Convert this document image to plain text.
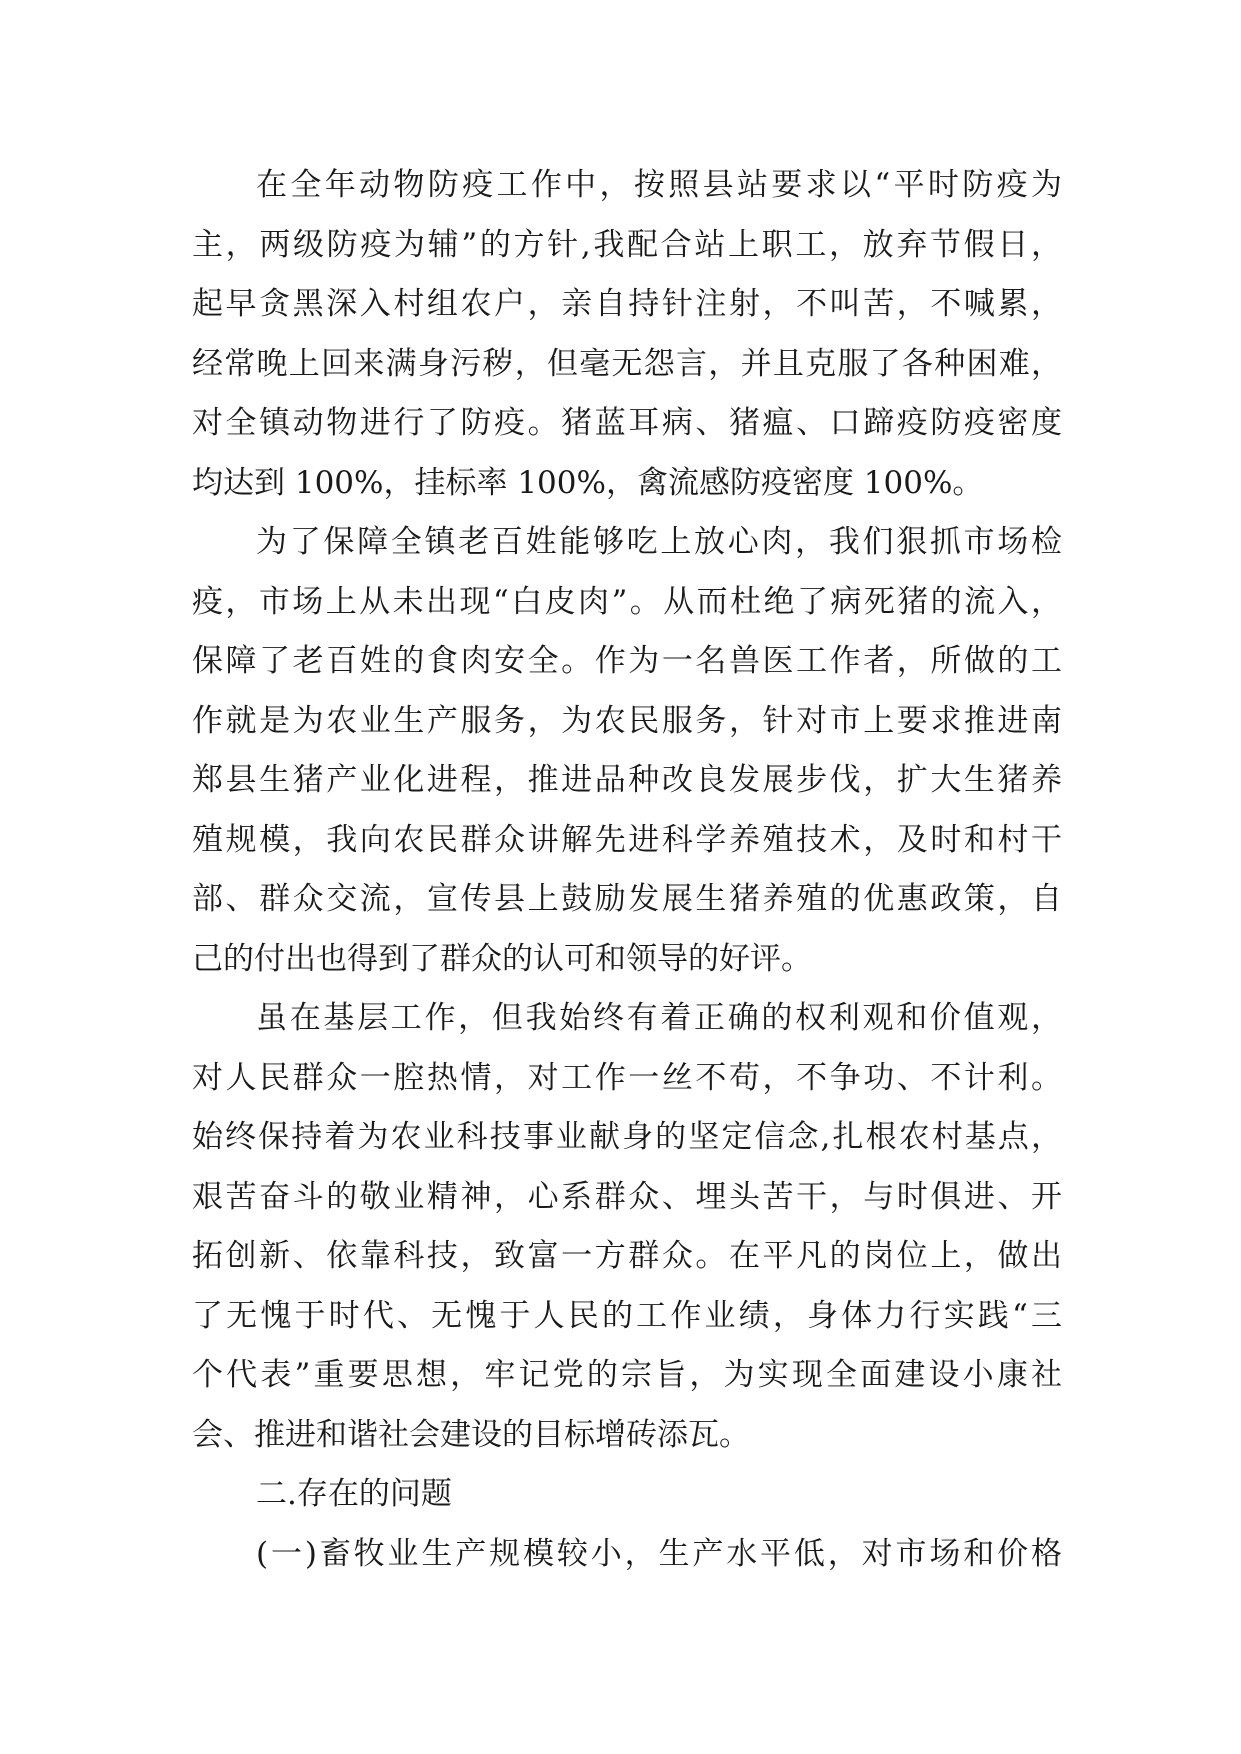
在全年动物防疫工作中，按照县站要求以“平时防疫为
主，两级防疫为辅”的方针,我配合站上职工，放弃节假日，
起早贪黑深入村组农户，亲自持针注射，不叫苦，不喊累，
经常晚上回来满身污秽，但毫无怨言，并且克服了各种困难，
对全镇动物进行了防疫。猪蓝耳病、猪瘟、口蹄疫防疫密度
均达到 100%，挂标率 100%，禽流感防疫密度 100%。
为了保障全镇老百姓能够吃上放心肉，我们狠抓市场检
疫，市场上从未出现“白皮肉”。从而杜绝了病死猪的流入，
保障了老百姓的食肉安全。作为一名兽医工作者，所做的工
作就是为农业生产服务，为农民服务，针对市上要求推进南
郑县生猪产业化进程，推进品种改良发展步伐，扩大生猪养
殖规模，我向农民群众讲解先进科学养殖技术，及时和村干
部、群众交流，宣传县上鼓励发展生猪养殖的优惠政策，自
己的付出也得到了群众的认可和领导的好评。
虽在基层工作，但我始终有着正确的权利观和价值观，
对人民群众一腔热情，对工作一丝不苟，不争功、不计利。
始终保持着为农业科技事业献身的坚定信念,扎根农村基点，
艰苦奋斗的敬业精神，心系群众、埋头苦干，与时俱进、开
拓创新、依靠科技，致富一方群众。在平凡的岗位上，做出
了无愧于时代、无愧于人民的工作业绩，身体力行实践“三
个代表”重要思想，牢记党的宗旨，为实现全面建设小康社
会、推进和谐社会建设的目标增砖添瓦。
二.存在的问题
(一)畜牧业生产规模较小，生产水平低，对市场和价格
